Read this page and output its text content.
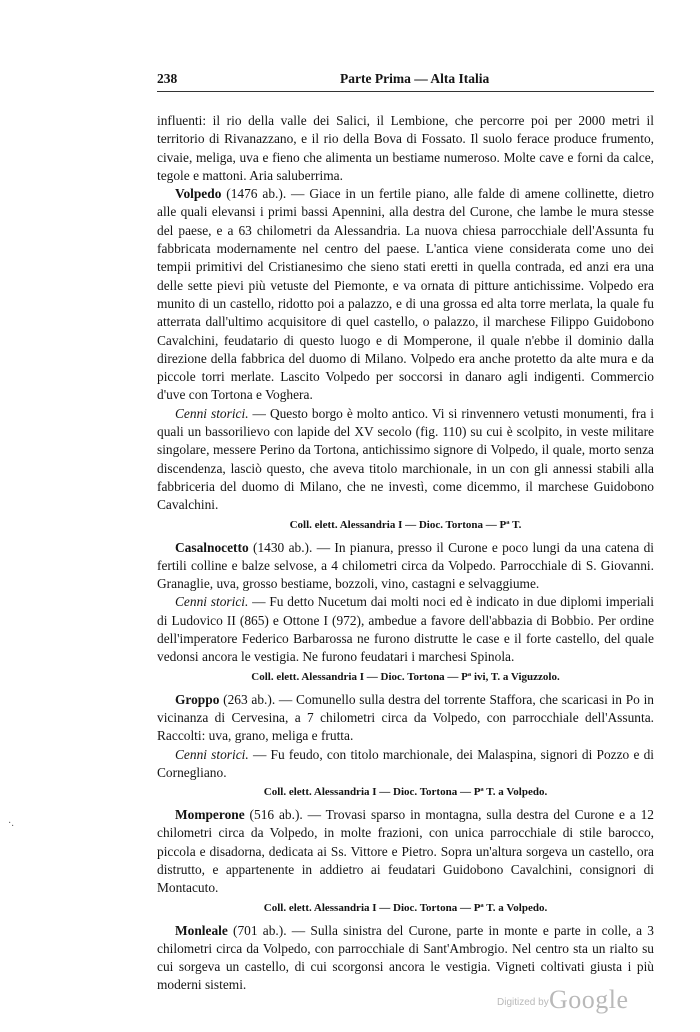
238	Parte Prima — Alta Italia

influenti: il rio della valle dei Salici, il Lembione, che percorre poi per 2000 metri il territorio di Rivanazzano, e il rio della Bova di Fossato. Il suolo ferace produce frumento, civaie, meliga, uva e fieno che alimenta un bestiame numeroso. Molte cave e forni da calce, tegole e mattoni. Aria saluberrima.

Volpedo (1476 ab.). — Giace in un fertile piano, alle falde di amene collinette, dietro alle quali elevansi i primi bassi Apennini, alla destra del Curone, che lambe le mura stesse del paese, e a 63 chilometri da Alessandria. La nuova chiesa parrocchiale dell'Assunta fu fabbricata modernamente nel centro del paese. L'antica viene considerata come uno dei tempii primitivi del Cristianesimo che sieno stati eretti in quella contrada, ed anzi era una delle sette pievi più vetuste del Piemonte, e va ornata di pitture antichissime. Volpedo era munito di un castello, ridotto poi a palazzo, e di una grossa ed alta torre merlata, la quale fu atterrata dall'ultimo acquisitore di quel castello, o palazzo, il marchese Filippo Guidobono Cavalchini, feudatario di questo luogo e di Momperone, il quale n'ebbe il dominio dalla direzione della fabbrica del duomo di Milano. Volpedo era anche protetto da alte mura e da piccole torri merlate. Lascito Volpedo per soccorsi in danaro agli indigenti. Commercio d'uve con Tortona e Voghera.

Cenni storici. — Questo borgo è molto antico. Vi si rinvennero vetusti monumenti, fra i quali un bassorilievo con lapide del XV secolo (fig. 110) su cui è scolpito, in veste militare singolare, messere Perino da Tortona, antichissimo signore di Volpedo, il quale, morto senza discendenza, lasciò questo, che aveva titolo marchionale, in un con gli annessi stabili alla fabbriceria del duomo di Milano, che ne investì, come dicemmo, il marchese Guidobono Cavalchini.

Coll. elett. Alessandria I — Dioc. Tortona — Pª T.

Casalnocetto (1430 ab.). — In pianura, presso il Curone e poco lungi da una catena di fertili colline e balze selvose, a 4 chilometri circa da Volpedo. Parrocchiale di S. Giovanni. Granaglie, uva, grosso bestiame, bozzoli, vino, castagni e selvaggiume.

Cenni storici. — Fu detto Nucetum dai molti noci ed è indicato in due diplomi imperiali di Ludovico II (865) e Ottone I (972), ambedue a favore dell'abbazia di Bobbio. Per ordine dell'imperatore Federico Barbarossa ne furono distrutte le case e il forte castello, del quale vedonsi ancora le vestigia. Ne furono feudatari i marchesi Spinola.

Coll. elett. Alessandria I — Dioc. Tortona — Pª ivi, T. a Viguzzolo.

Groppo (263 ab.). — Comunello sulla destra del torrente Staffora, che scaricasi in Po in vicinanza di Cervesina, a 7 chilometri circa da Volpedo, con parrocchiale dell'Assunta. Raccolti: uva, grano, meliga e frutta.

Cenni storici. — Fu feudo, con titolo marchionale, dei Malaspina, signori di Pozzo e di Cornegliano.

Coll. elett. Alessandria I — Dioc. Tortona — Pª T. a Volpedo.

Momperone (516 ab.). — Trovasi sparso in montagna, sulla destra del Curone e a 12 chilometri circa da Volpedo, in molte frazioni, con unica parrocchiale di stile barocco, piccola e disadorna, dedicata ai Ss. Vittore e Pietro. Sopra un'altura sorgeva un castello, ora distrutto, e appartenente in addietro ai feudatari Guidobono Cavalchini, consignori di Montacuto.

Coll. elett. Alessandria I — Dioc. Tortona — Pª T. a Volpedo.

Monleale (701 ab.). — Sulla sinistra del Curone, parte in monte e parte in colle, a 3 chilometri circa da Volpedo, con parrocchiale di Sant'Ambrogio. Nel centro sta un rialto su cui sorgeva un castello, di cui scorgonsi ancora le vestigia. Vigneti coltivati giusta i più moderni sistemi.

·.
Digitized by Google
